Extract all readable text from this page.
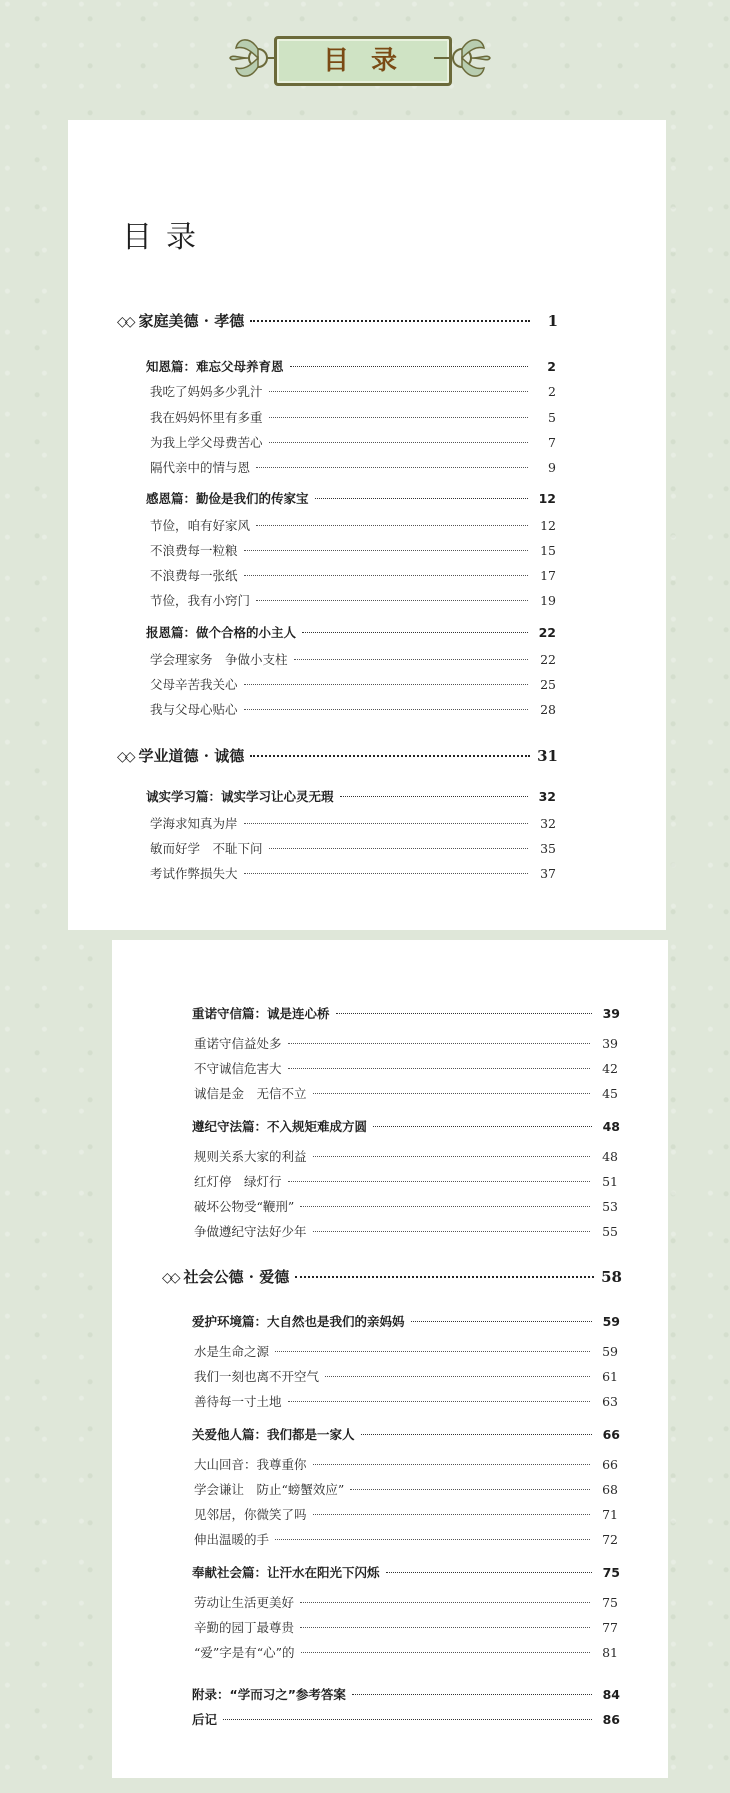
目录
目录
◇◇ 家庭美德 · 孝德	1
知恩篇：难忘父母养育恩	2
我吃了妈妈多少乳汁	2
我在妈妈怀里有多重	5
为我上学父母费苦心	7
隔代亲中的情与恩	9
感恩篇：勤俭是我们的传家宝	12
节俭，咱有好家风	12
不浪费每一粒粮	15
不浪费每一张纸	17
节俭，我有小窍门	19
报恩篇：做个合格的小主人	22
学会理家务　争做小支柱	22
父母辛苦我关心	25
我与父母心贴心	28
◇◇ 学业道德 · 诚德	31
诚实学习篇：诚实学习让心灵无瑕	32
学海求知真为岸	32
敏而好学　不耻下问	35
考试作弊损失大	37
重诺守信篇：诚是连心桥	39
重诺守信益处多	39
不守诚信危害大	42
诚信是金　无信不立	45
遵纪守法篇：不入规矩难成方圆	48
规则关系大家的利益	48
红灯停　绿灯行	51
破坏公物受“鞭刑”	53
争做遵纪守法好少年	55
◇◇ 社会公德 · 爱德	58
爱护环境篇：大自然也是我们的亲妈妈	59
水是生命之源	59
我们一刻也离不开空气	61
善待每一寸土地	63
关爱他人篇：我们都是一家人	66
大山回音：我尊重你	66
学会谦让　防止“螃蟹效应”	68
见邻居，你微笑了吗	71
伸出温暖的手	72
奉献社会篇：让汗水在阳光下闪烁	75
劳动让生活更美好	75
辛勤的园丁最尊贵	77
“爱”字是有“心”的	81
附录：“学而习之”参考答案	84
后记	86
